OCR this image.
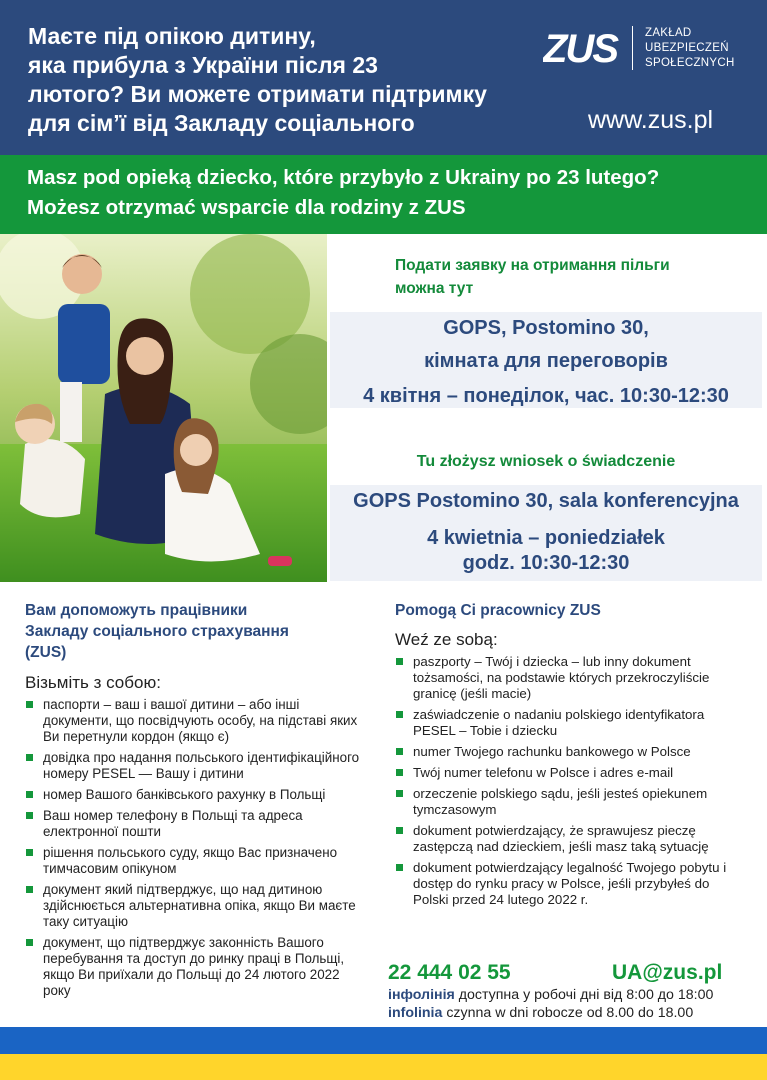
Маєте під опікою дитину,
яка прибула з України після 23
лютого? Ви можете отримати підтримку
для сім’ї від Закладу соціального
ZUS ZAKŁAD
UBEZPIECZEŃ
SPOŁECZNYCH
www.zus.pl
Masz pod opieką dziecko, które przybyło z Ukrainy po 23 lutego?
Możesz otrzymać wsparcie dla rodziny z ZUS
Подати заявку на отримання пільги
можна тут
GOPS, Postomino 30,
кімната для переговорів
4 квітня – понеділок, час. 10:30-12:30
Tu złożysz wniosek o świadczenie
GOPS Postomino 30, sala konferencyjna
4 kwietnia – poniedziałek
godz. 10:30-12:30
Вам допоможуть працівники
Закладу соціального страхування
(ZUS)
Візьміть з собою:
паспорти – ваш і вашої дитини – або інші документи, що посвідчують особу, на підставі яких Ви перетнули кордон (якщо є)
довідка про надання польського ідентифікаційного номеру PESEL — Вашу і дитини
номер Вашого банківського рахунку в Польщі
Ваш номер телефону в Польщі та адреса електронної пошти
рішення польського суду, якщо Вас призначено тимчасовим опікуном
документ який підтверджує, що над дитиною здійснюється альтернативна опіка, якщо Ви маєте таку ситуацію
документ, що підтверджує законність Вашого перебування та доступ до ринку праці в Польщі, якщо Ви приїхали до Польщі до 24 лютого 2022 року
Pomogą Ci pracownicy ZUS
Weź ze sobą:
paszporty – Twój i dziecka – lub inny dokument tożsamości, na podstawie których przekroczyliście granicę (jeśli macie)
zaświadczenie o nadaniu polskiego identyfikatora PESEL – Tobie i dziecku
numer Twojego rachunku bankowego w Polsce
Twój numer telefonu w Polsce i adres e-mail
orzeczenie polskiego sądu, jeśli jesteś opiekunem tymczasowym
dokument potwierdzający, że sprawujesz pieczę zastępczą nad dzieckiem, jeśli masz taką sytuację
dokument potwierdzający legalność Twojego pobytu i dostęp do rynku pracy w Polsce, jeśli przybyłeś do Polski przed 24 lutego 2022 r.
22 444 02 55	UA@zus.pl
інфолінія доступна у робочі дні від 8:00 до 18:00
infolinia czynna w dni robocze od 8.00 do 18.00
